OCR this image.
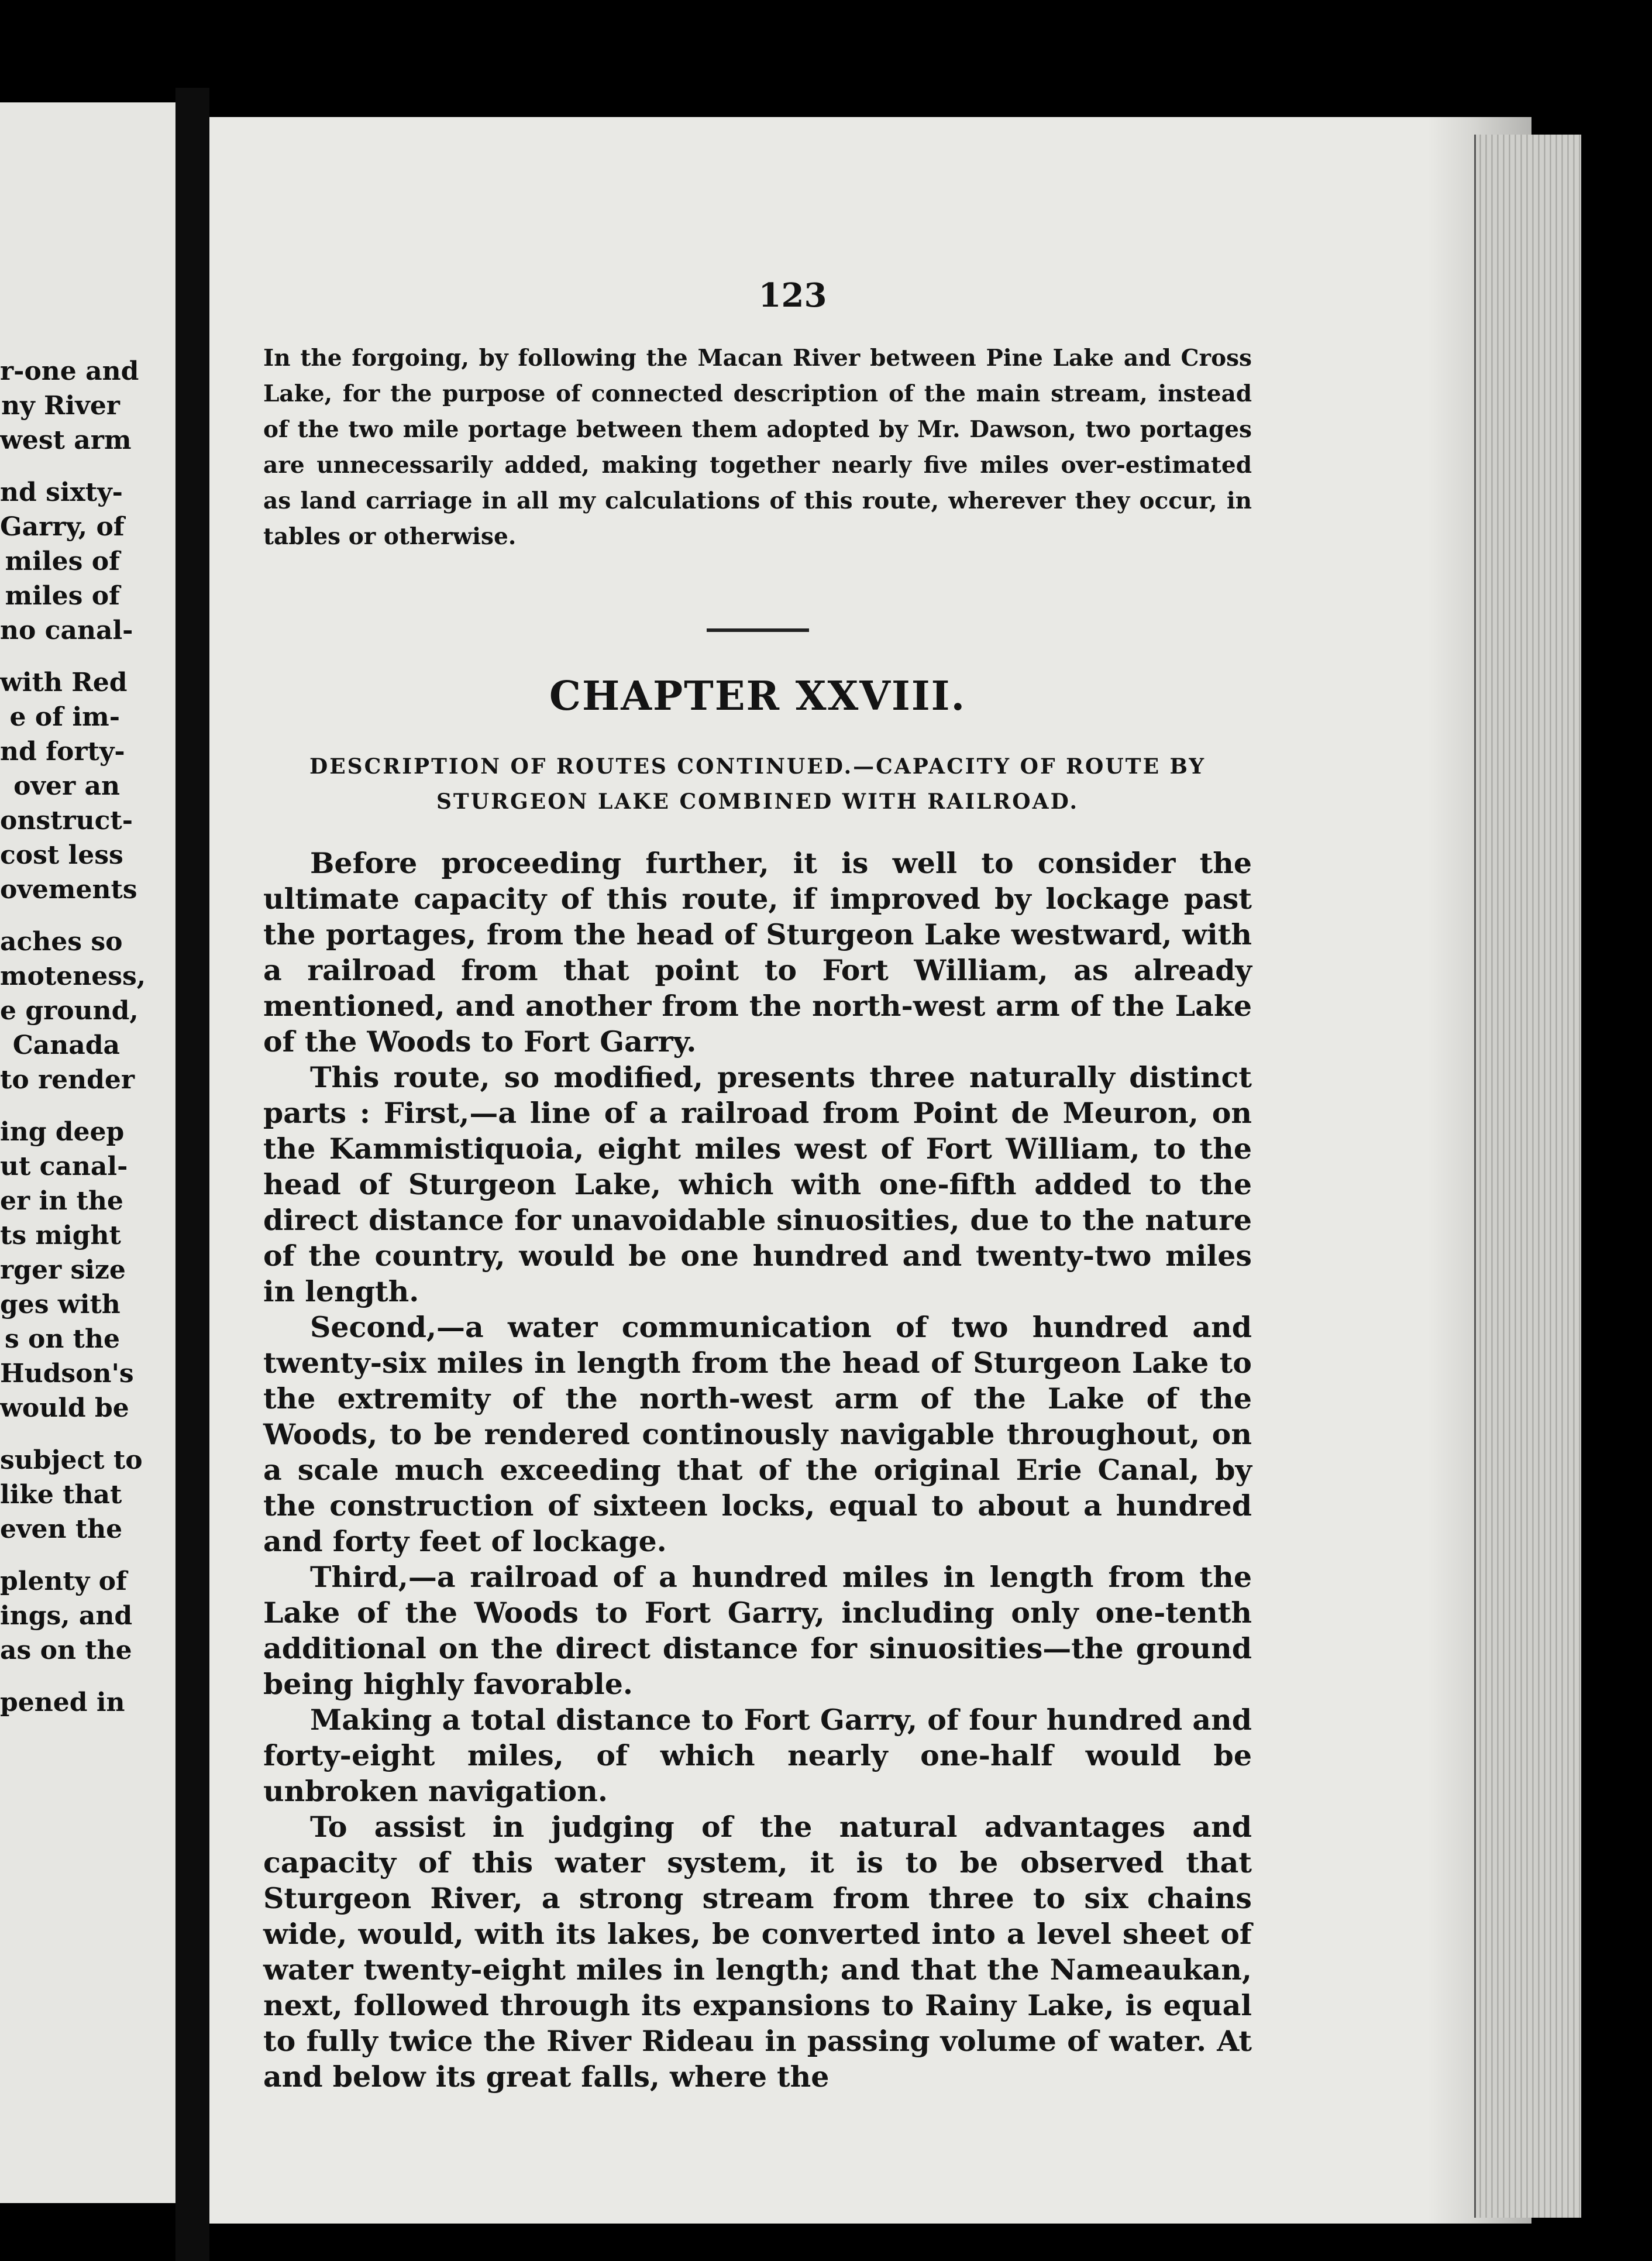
r-one and
ny River
west arm
nd sixty-
Garry, of
miles of
miles of
no canal-
with Red
e of im-
nd forty-
over an
onstruct-
cost less
ovements
aches so
moteness,
e ground,
Canada
to render
ing deep
ut canal-
er in the
ts might
rger size
ges with
s on the
Hudson's
would be
subject to
like that
even the
plenty of
ings, and
as on the
pened in
123
In the forgoing, by following the Macan River between Pine Lake and Cross Lake, for the purpose of connected description of the main stream, instead of the two mile portage between them adopted by Mr. Dawson, two portages are unnecessarily added, making together nearly five miles over-estimated as land carriage in all my calculations of this route, wherever they occur, in tables or otherwise.
CHAPTER XXVIII.
DESCRIPTION OF ROUTES CONTINUED.—CAPACITY OF ROUTE BY
STURGEON LAKE COMBINED WITH RAILROAD.

Before proceeding further, it is well to consider the ultimate capacity of this route, if improved by lockage past the portages, from the head of Sturgeon Lake westward, with a railroad from that point to Fort William, as already mentioned, and another from the north-west arm of the Lake of the Woods to Fort Garry.

This route, so modified, presents three naturally distinct parts : First,—a line of a railroad from Point de Meuron, on the Kammistiquoia, eight miles west of Fort William, to the head of Sturgeon Lake, which with one-fifth added to the direct distance for unavoidable sinuosities, due to the nature of the country, would be one hundred and twenty-two miles in length.

Second,—a water communication of two hundred and twenty-six miles in length from the head of Sturgeon Lake to the extremity of the north-west arm of the Lake of the Woods, to be rendered continously navigable throughout, on a scale much exceeding that of the original Erie Canal, by the construction of sixteen locks, equal to about a hundred and forty feet of lockage.

Third,—a railroad of a hundred miles in length from the Lake of the Woods to Fort Garry, including only one-tenth additional on the direct distance for sinuosities—the ground being highly favorable.

Making a total distance to Fort Garry, of four hundred and forty-eight miles, of which nearly one-half would be unbroken navigation.

To assist in judging of the natural advantages and capacity of this water system, it is to be observed that Sturgeon River, a strong stream from three to six chains wide, would, with its lakes, be converted into a level sheet of water twenty-eight miles in length; and that the Nameaukan, next, followed through its expansions to Rainy Lake, is equal to fully twice the River Rideau in passing volume of water. At and below its great falls, where the
